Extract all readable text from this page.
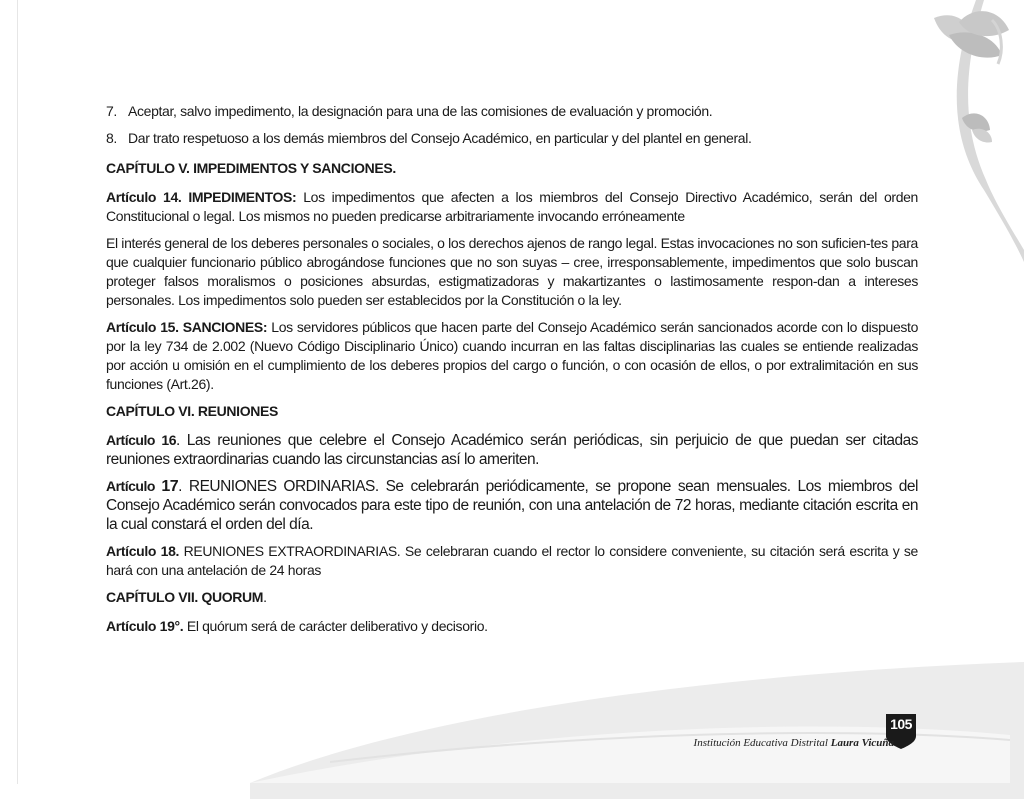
7. Aceptar, salvo impedimento, la designación para una de las comisiones de evaluación y promoción.
8. Dar trato respetuoso a los demás miembros del Consejo Académico, en particular y del plantel en general.
CAPÍTULO V. IMPEDIMENTOS Y SANCIONES.
Artículo 14. IMPEDIMENTOS: Los impedimentos que afecten a los miembros del Consejo Directivo Académico, serán del orden Constitucional o legal. Los mismos no pueden predicarse arbitrariamente invocando erróneamente
El interés general de los deberes personales o sociales, o los derechos ajenos de rango legal. Estas invocaciones no son suficien-tes para que cualquier funcionario público abrogándose funciones que no son suyas – cree, irresponsablemente, impedimentos que solo buscan proteger falsos moralismos o posiciones absurdas, estigmatizadoras y makartizantes o lastimosamente respon-dan a intereses personales. Los impedimentos solo pueden ser establecidos por la Constitución o la ley.
Artículo 15. SANCIONES: Los servidores públicos que hacen parte del Consejo Académico serán sancionados acorde con lo dispuesto por la ley 734 de 2.002 (Nuevo Código Disciplinario Único) cuando incurran en las faltas disciplinarias las cuales se entiende realizadas por acción u omisión en el cumplimiento de los deberes propios del cargo o función, o con ocasión de ellos, o por extralimitación en sus funciones (Art.26).
CAPÍTULO VI. REUNIONES
Artículo 16. Las reuniones que celebre el Consejo Académico serán periódicas, sin perjuicio de que puedan ser citadas reuniones extraordinarias cuando las circunstancias así lo ameriten.
Artículo 17. REUNIONES ORDINARIAS. Se celebrarán periódicamente, se propone sean mensuales. Los miembros del Consejo Académico serán convocados para este tipo de reunión, con una antelación de 72 horas, mediante citación escrita en la cual constará el orden del día.
Artículo 18. REUNIONES EXTRAORDINARIAS. Se celebraran cuando el rector lo considere conveniente, su citación será escrita y se hará con una antelación de 24 horas
CAPÍTULO VII. QUORUM.
Artículo 19°. El quórum será de carácter deliberativo y decisorio.
105
Institución Educativa Distrital Laura Vicuña
